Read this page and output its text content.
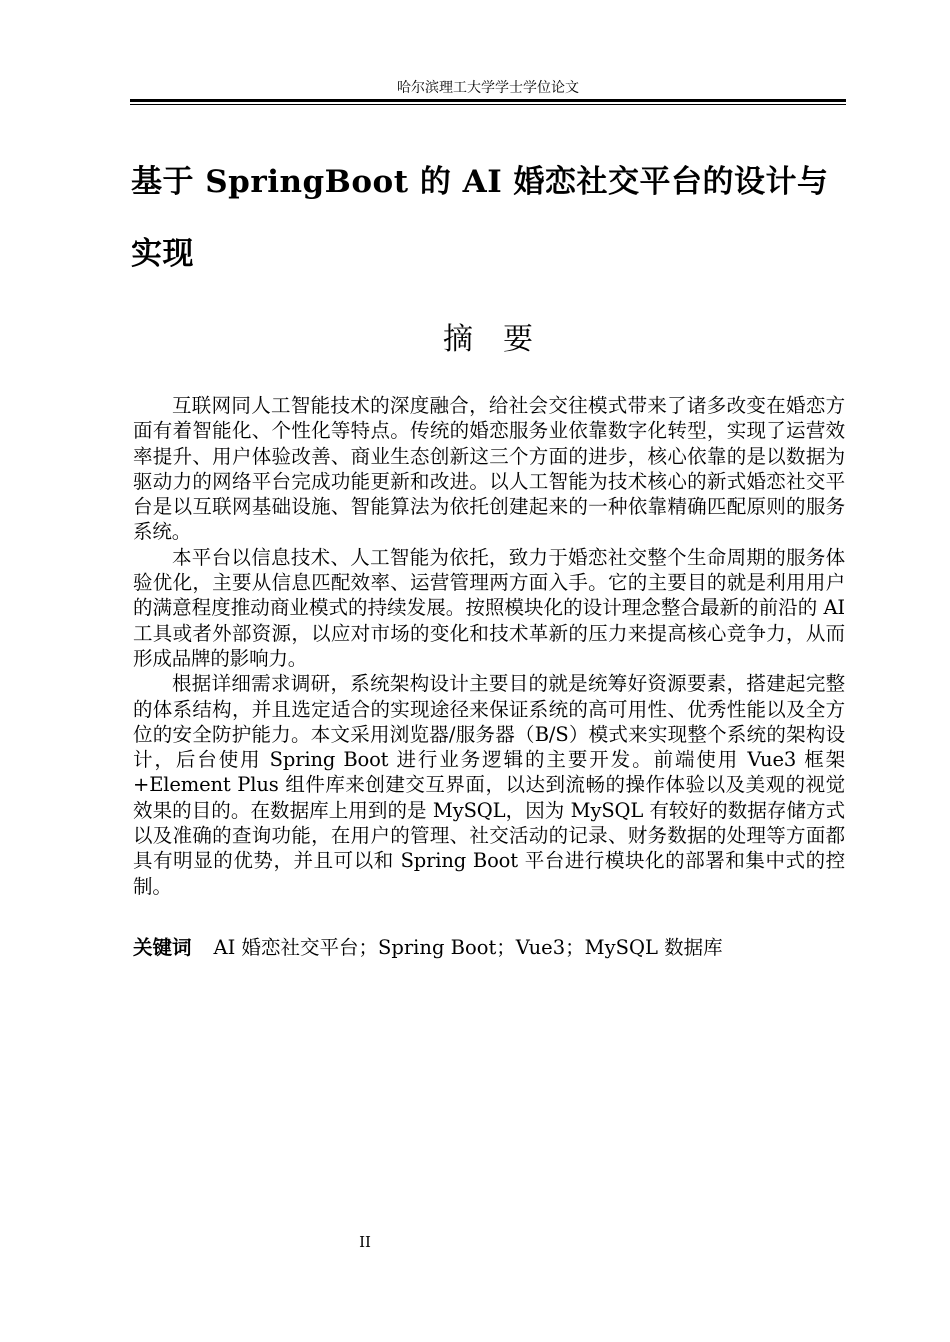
哈尔滨理工大学学士学位论文
基于 SpringBoot 的 AI 婚恋社交平台的设计与实现
摘　要

互联网同人工智能技术的深度融合，给社会交往模式带来了诸多改变在婚恋方面有着智能化、个性化等特点。传统的婚恋服务业依靠数字化转型，实现了运营效率提升、用户体验改善、商业生态创新这三个方面的进步，核心依靠的是以数据为驱动力的网络平台完成功能更新和改进。以人工智能为技术核心的新式婚恋社交平台是以互联网基础设施、智能算法为依托创建起来的一种依靠精确匹配原则的服务系统。

本平台以信息技术、人工智能为依托，致力于婚恋社交整个生命周期的服务体验优化，主要从信息匹配效率、运营管理两方面入手。它的主要目的就是利用用户的满意程度推动商业模式的持续发展。按照模块化的设计理念整合最新的前沿的 AI 工具或者外部资源，以应对市场的变化和技术革新的压力来提高核心竞争力，从而形成品牌的影响力。

根据详细需求调研，系统架构设计主要目的就是统筹好资源要素，搭建起完整的体系结构，并且选定适合的实现途径来保证系统的高可用性、优秀性能以及全方位的安全防护能力。本文采用浏览器/服务器（B/S）模式来实现整个系统的架构设计，后台使用 Spring Boot 进行业务逻辑的主要开发。前端使用 Vue3 框架+Element Plus 组件库来创建交互界面，以达到流畅的操作体验以及美观的视觉效果的目的。在数据库上用到的是 MySQL，因为 MySQL 有较好的数据存储方式以及准确的查询功能，在用户的管理、社交活动的记录、财务数据的处理等方面都具有明显的优势，并且可以和 Spring Boot 平台进行模块化的部署和集中式的控制。

关键词 AI 婚恋社交平台；Spring Boot；Vue3；MySQL 数据库
II
